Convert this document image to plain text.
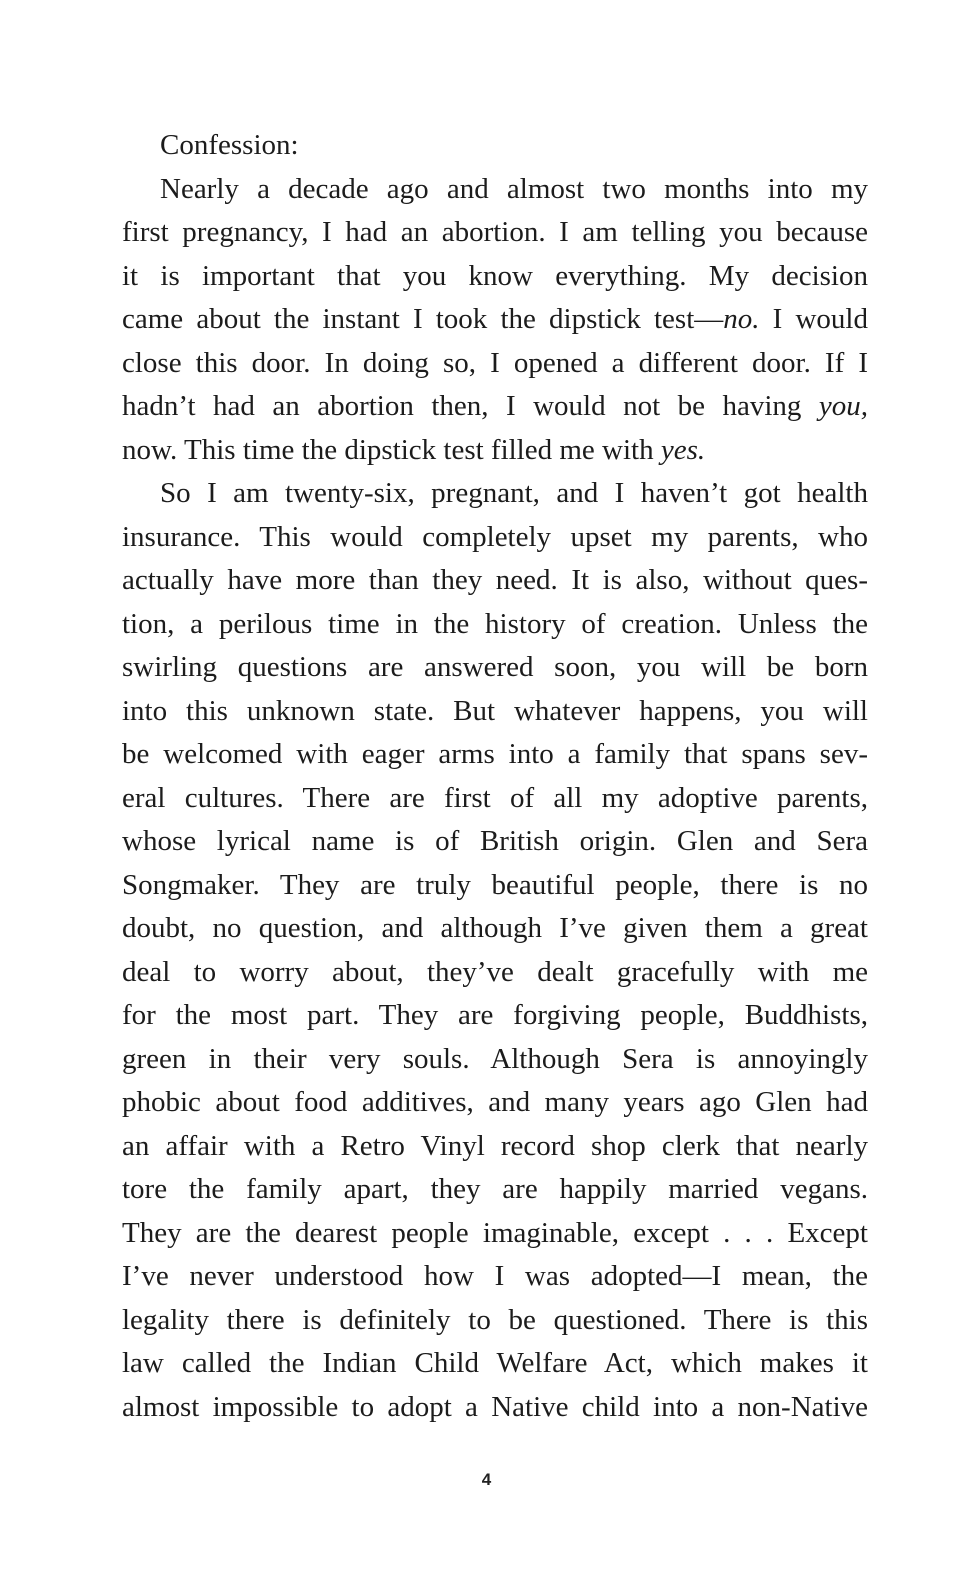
Confession:
Nearly a decade ago and almost two months into my
first pregnancy, I had an abortion. I am telling you because
it is important that you know everything. My decision
came about the instant I took the dipstick test—no. I would
close this door. In doing so, I opened a different door. If I
hadn’t had an abortion then, I would not be having you,
now. This time the dipstick test filled me with yes.
So I am twenty-six, pregnant, and I haven’t got health
insurance. This would completely upset my parents, who
actually have more than they need. It is also, without ques-
tion, a perilous time in the history of creation. Unless the
swirling questions are answered soon, you will be born
into this unknown state. But whatever happens, you will
be welcomed with eager arms into a family that spans sev-
eral cultures. There are first of all my adoptive parents,
whose lyrical name is of British origin. Glen and Sera
Songmaker. They are truly beautiful people, there is no
doubt, no question, and although I’ve given them a great
deal to worry about, they’ve dealt gracefully with me
for the most part. They are forgiving people, Buddhists,
green in their very souls. Although Sera is annoyingly
phobic about food additives, and many years ago Glen had
an affair with a Retro Vinyl record shop clerk that nearly
tore the family apart, they are happily married vegans.
They are the dearest people imaginable, except . . . Except
I’ve never understood how I was adopted—I mean, the
legality there is definitely to be questioned. There is this
law called the Indian Child Welfare Act, which makes it
almost impossible to adopt a Native child into a non-Native
4
